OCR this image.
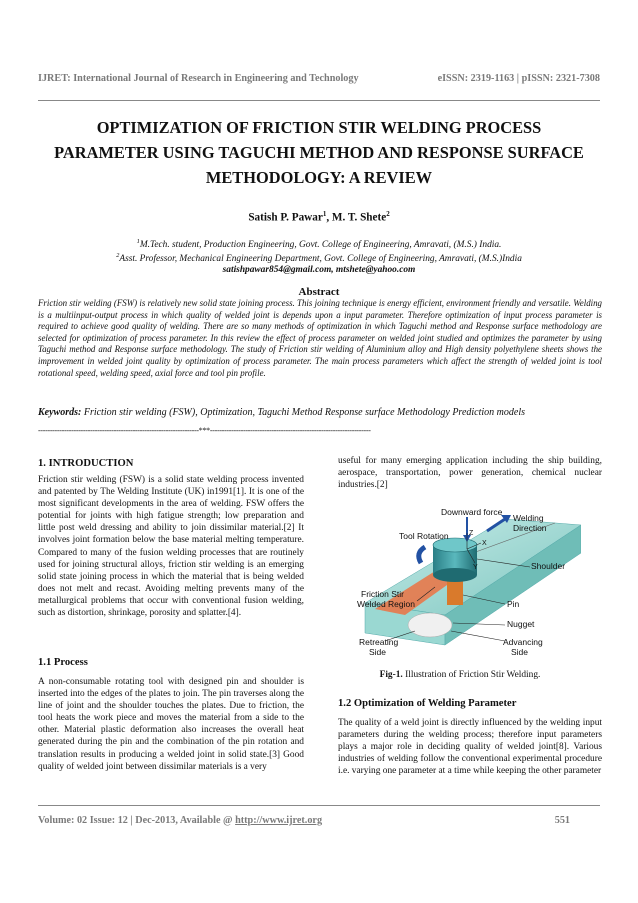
IJRET: International Journal of Research in Engineering and Technology	eISSN: 2319-1163 | pISSN: 2321-7308
OPTIMIZATION OF FRICTION STIR WELDING PROCESS
PARAMETER USING TAGUCHI METHOD AND RESPONSE SURFACE
METHODOLOGY: A REVIEW
Satish P. Pawar$^1$, M. T. Shete$^2$
$^1$M.Tech. student, Production Engineering, Govt. College of Engineering, Amravati, (M.S.) India.
$^2$Asst. Professor, Mechanical Engineering Department, Govt. College of Engineering, Amravati, (M.S.)India
satishpawar854@gmail.com, mtshete@yahoo.com
Abstract
Friction stir welding (FSW) is relatively new solid state joining process. This joining technique is energy efficient, environment friendly and versatile. Welding is a multiinput-output process in which quality of welded joint is depends upon a input parameter. Therefore optimization of input process parameter is required to achieve good quality of welding. There are so many methods of optimization in which Taguchi method and Response surface methodology are selected for optimization of process parameter. In this review the effect of process parameter on welded joint studied and optimizes the parameter by using Taguchi method and Response surface methodology. The study of Friction stir welding of Aluminium alloy and High density polyethylene sheets shows the improvement in welded joint quality by optimization of process parameter. The main process parameters which affect the strength of welded joint is tool rotational speed, welding speed, axial force and tool pin profile.
Keywords: Friction stir welding (FSW), Optimization, Taguchi Method Response surface Methodology Prediction models
--------------------------------------------------------------------***--------------------------------------------------------------------
1. INTRODUCTION
Friction stir welding (FSW) is a solid state welding process invented and patented by The Welding Institute (UK) in1991[1]. It is one of the most significant developments in the area of welding. FSW offers the potential for joints with high fatigue strength; low preparation and little post weld dressing and ability to join dissimilar material.[2] It involves joint formation below the base material melting temperature. Compared to many of the fusion welding processes that are routinely used for joining structural alloys, friction stir welding is an emerging solid state joining process in which the material that is being welded does not melt and recast. Avoiding melting prevents many of the metallurgical problems that occur with conventional fusion welding, such as distortion, shrinkage, porosity and splatter.[4].
1.1 Process
A non-consumable rotating tool with designed pin and shoulder is inserted into the edges of the plates to join. The pin traverses along the line of joint and the shoulder touches the plates. Due to friction, the tool heats the work piece and moves the material from a side to the other. Material plastic deformation also increases the overall heat generated during the pin and the combination of the pin rotation and translation results in producing a welded joint in solid state.[3] Good quality of welded joint between dissimilar materials is a very
useful for many emerging application including the ship building, aerospace, transportation, power generation, chemical nuclear industries.[2]
Downward force
Welding
Direction
Tool Rotation	Z
X
Y	Shoulder
Friction Stir
Welded Region	Pin
Nugget
Retreating
Side
Advancing
Side
Fig-1. Illustration of Friction Stir Welding.
1.2 Optimization of Welding Parameter
The quality of a weld joint is directly influenced by the welding input parameters during the welding process; therefore input parameters plays a major role in deciding quality of welded joint[8]. Various industries of welding follow the conventional experimental procedure i.e. varying one parameter at a time while keeping the other parameter
Volume: 02 Issue: 12 | Dec-2013, Available @ http://www.ijret.org	551
